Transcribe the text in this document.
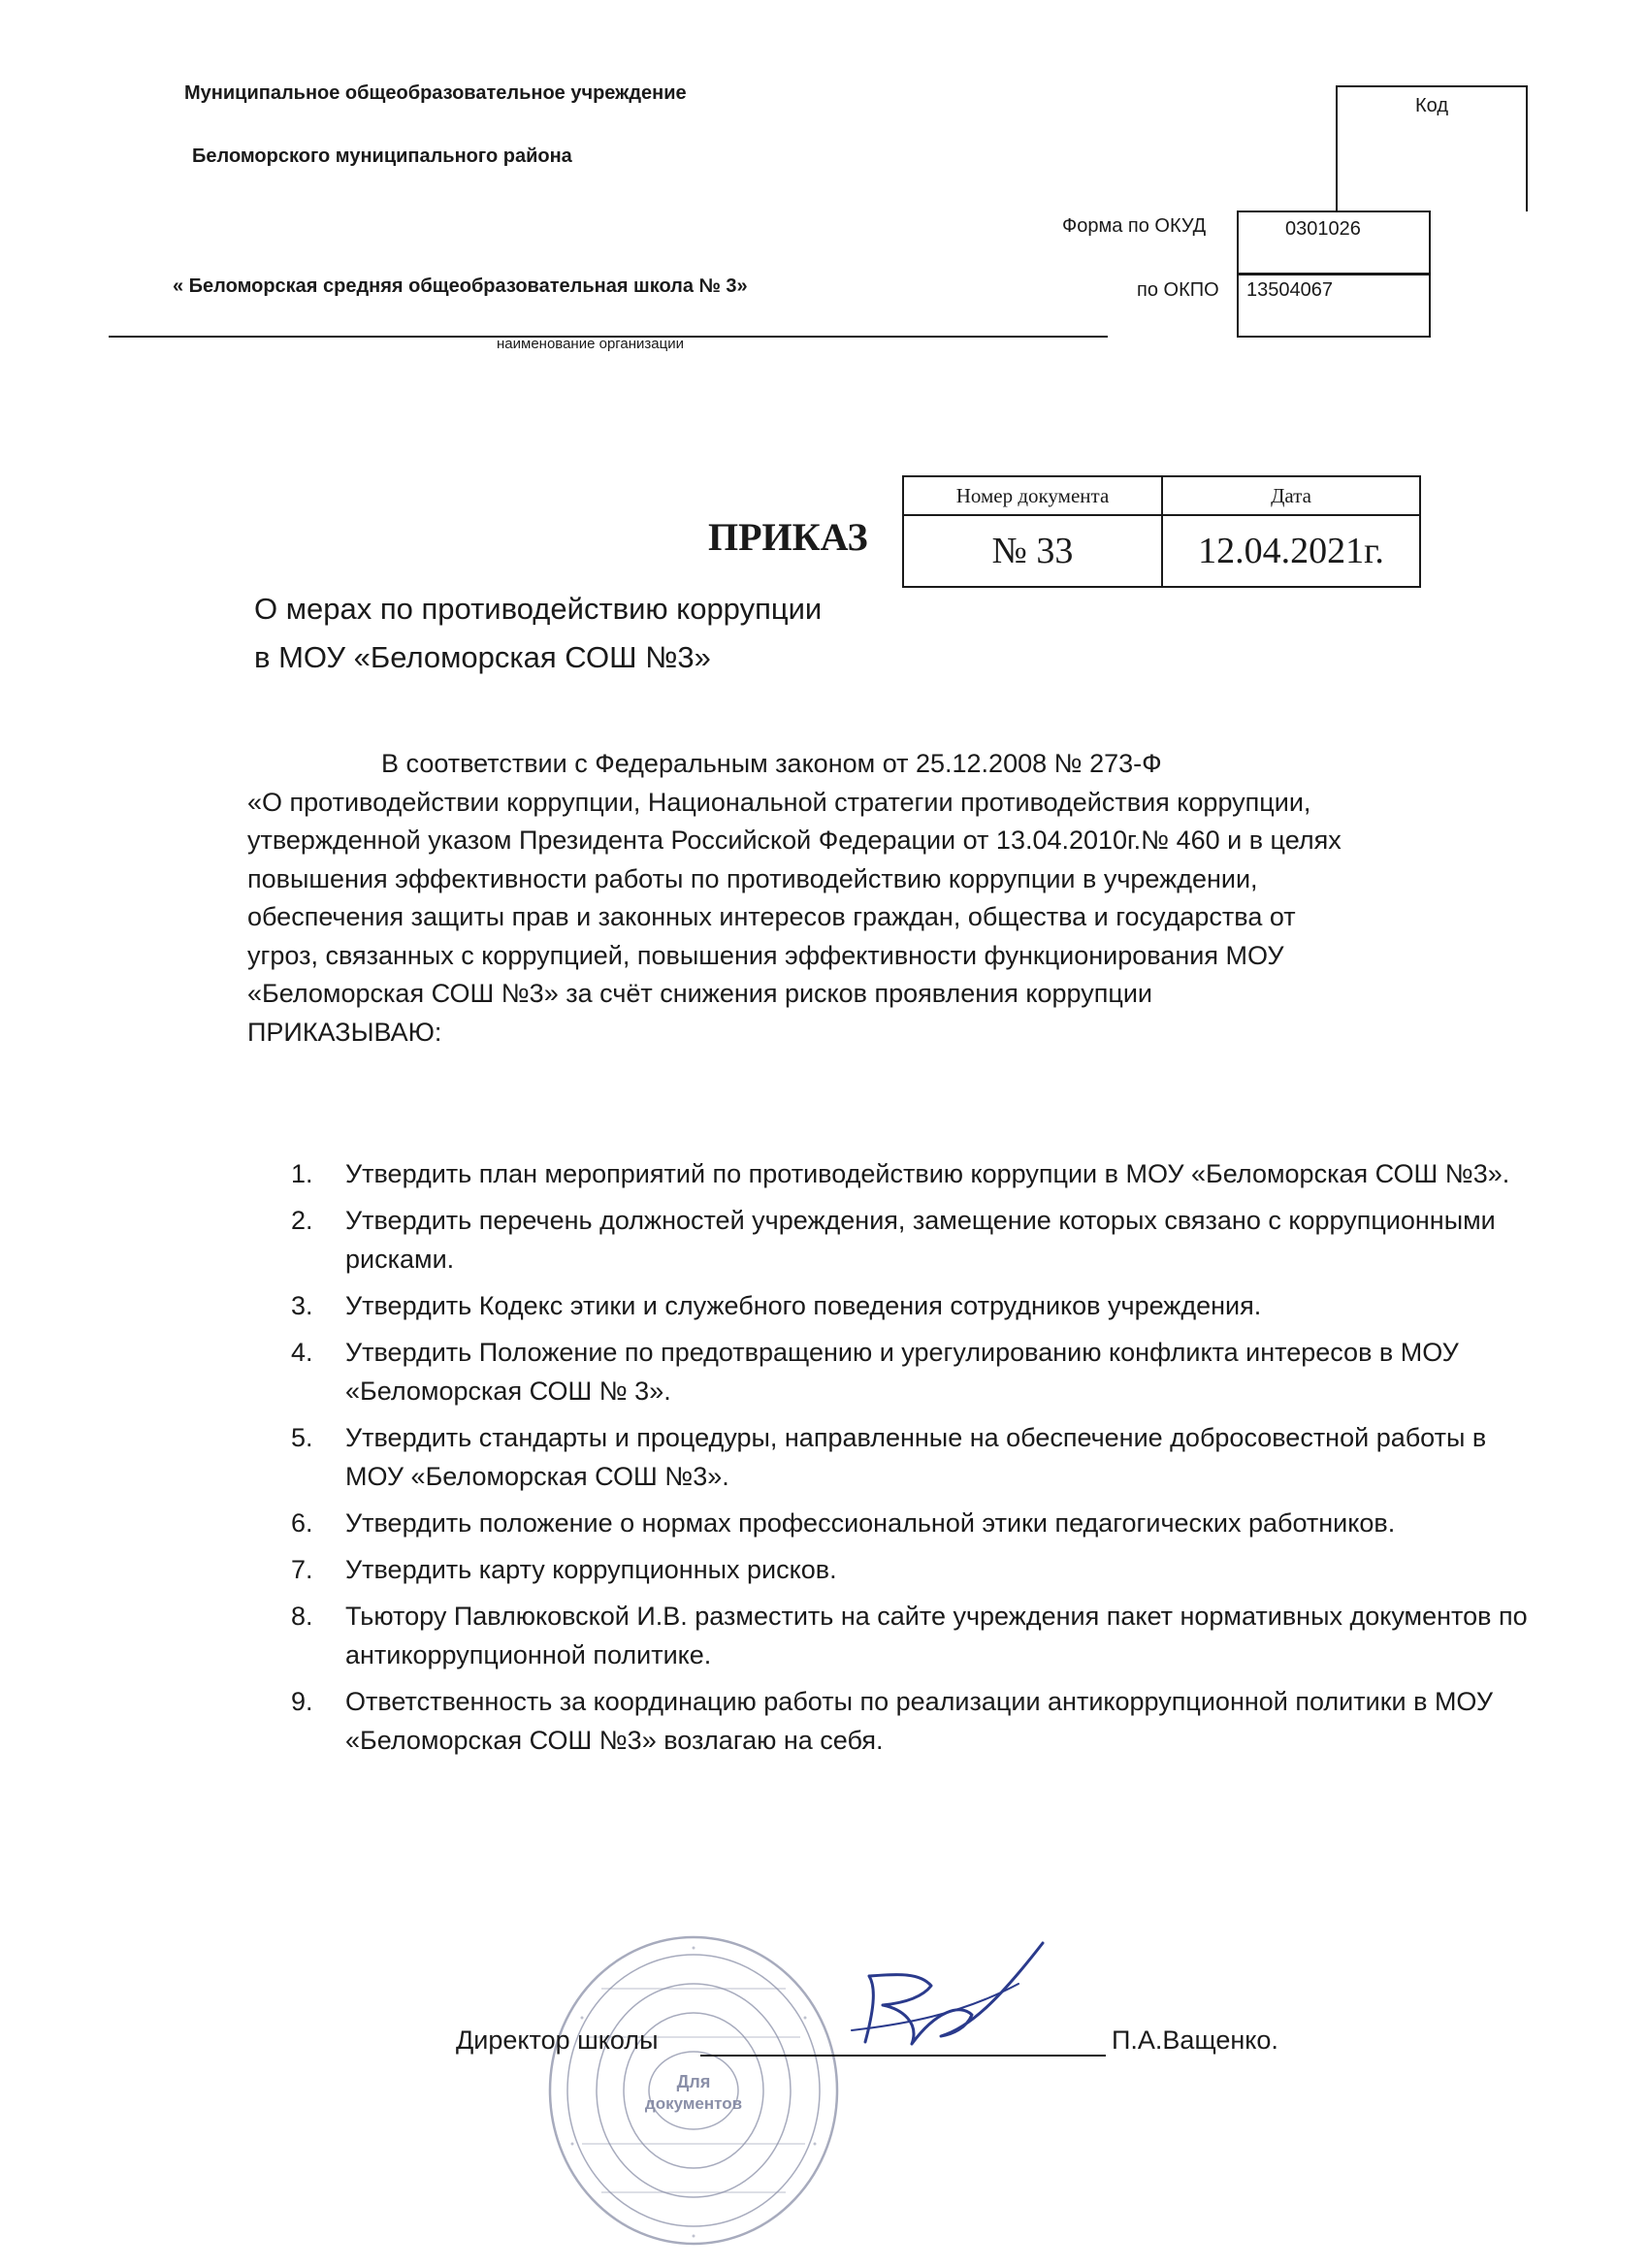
Муниципальное общеобразовательное учреждение
Беломорского муниципального района
Код
Форма по ОКУД	0301026
« Беломорская средняя общеобразовательная школа № 3»	по ОКПО 13504067
наименование организации
ПРИКАЗ
Номер документа	Дата
№ 33	12.04.2021г.
О мерах по противодействию коррупции
в МОУ «Беломорская СОШ №3»
В соответствии с Федеральным законом от 25.12.2008 № 273-Ф
«О противодействии коррупции, Национальной стратегии противодействия коррупции,
утвержденной указом Президента Российской Федерации от 13.04.2010г.№ 460 и в целях
повышения эффективности работы по противодействию коррупции в учреждении,
обеспечения защиты прав и законных интересов граждан, общества и государства от
угроз, связанных с коррупцией, повышения эффективности функционирования МОУ
«Беломорская СОШ №3» за счёт снижения рисков проявления коррупции
ПРИКАЗЫВАЮ:
1. Утвердить план мероприятий по противодействию коррупции в МОУ «Беломорская СОШ №3».
2. Утвердить перечень должностей учреждения, замещение которых связано с коррупционными рисками.
3. Утвердить Кодекс этики и служебного поведения сотрудников учреждения.
4. Утвердить Положение по предотвращению и урегулированию конфликта интересов в МОУ «Беломорская СОШ № 3».
5. Утвердить стандарты и процедуры, направленные на обеспечение добросовестной работы в МОУ «Беломорская СОШ №3».
6. Утвердить положение о нормах профессиональной этики педагогических работников.
7. Утвердить карту коррупционных рисков.
8. Тьютору Павлюковской И.В. разместить на сайте учреждения пакет нормативных документов по антикоррупционной политике.
9. Ответственность за координацию работы по реализации антикоррупционной политики в МОУ «Беломорская СОШ №3» возлагаю на себя.
Для
документов
Директор школы	П.А.Ващенко.
